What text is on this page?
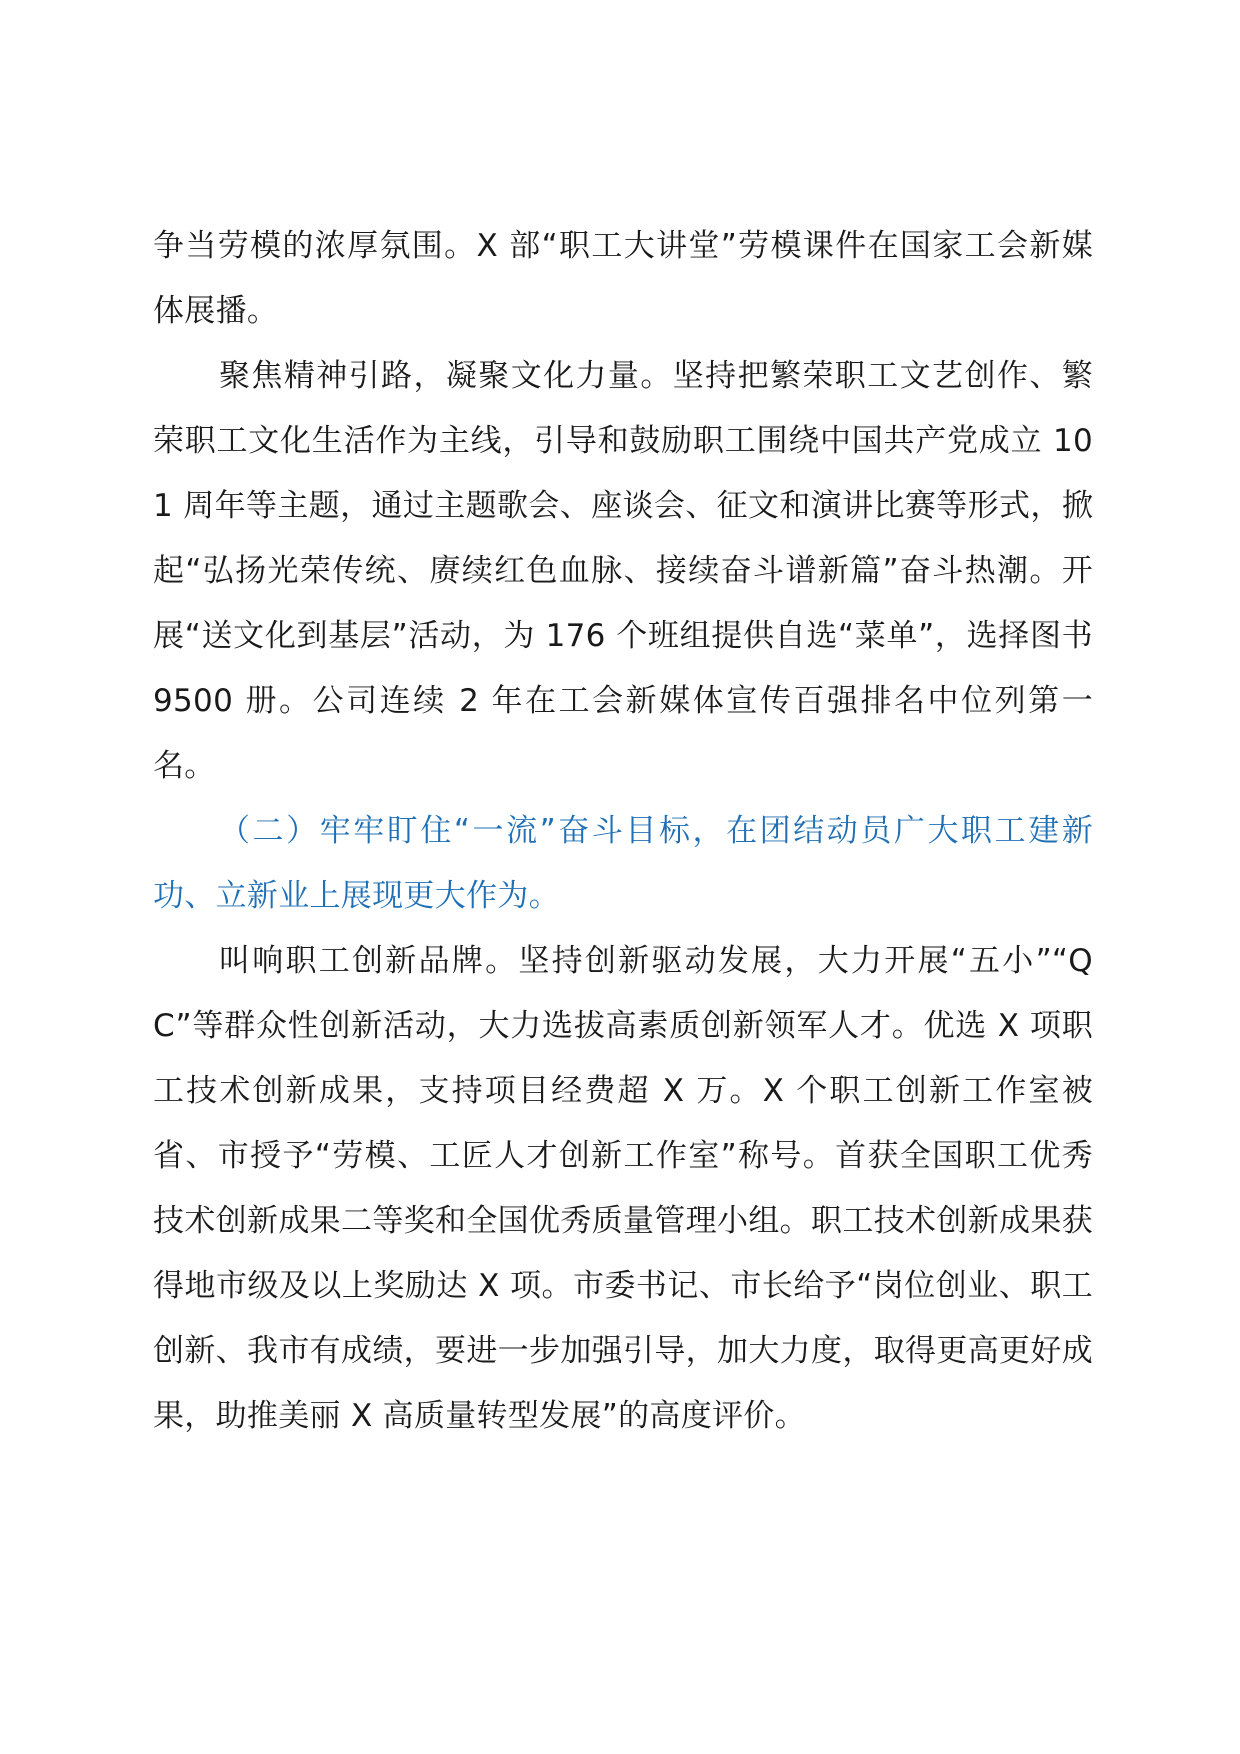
争当劳模的浓厚氛围。X 部“职工大讲堂”劳模课件在国家工会新媒体展播。

聚焦精神引路，凝聚文化力量。坚持把繁荣职工文艺创作、繁荣职工文化生活作为主线，引导和鼓励职工围绕中国共产党成立 101 周年等主题，通过主题歌会、座谈会、征文和演讲比赛等形式，掀起“弘扬光荣传统、赓续红色血脉、接续奋斗谱新篇”奋斗热潮。开展“送文化到基层”活动，为 176 个班组提供自选“菜单”，选择图书 9500 册。公司连续 2 年在工会新媒体宣传百强排名中位列第一名。

（二）牢牢盯住“一流”奋斗目标，在团结动员广大职工建新功、立新业上展现更大作为。

叫响职工创新品牌。坚持创新驱动发展，大力开展“五小”“QC”等群众性创新活动，大力选拔高素质创新领军人才。优选 X 项职工技术创新成果，支持项目经费超 X 万。X 个职工创新工作室被省、市授予“劳模、工匠人才创新工作室”称号。首获全国职工优秀技术创新成果二等奖和全国优秀质量管理小组。职工技术创新成果获得地市级及以上奖励达 X 项。市委书记、市长给予“岗位创业、职工创新、我市有成绩，要进一步加强引导，加大力度，取得更高更好成果，助推美丽 X 高质量转型发展”的高度评价。
